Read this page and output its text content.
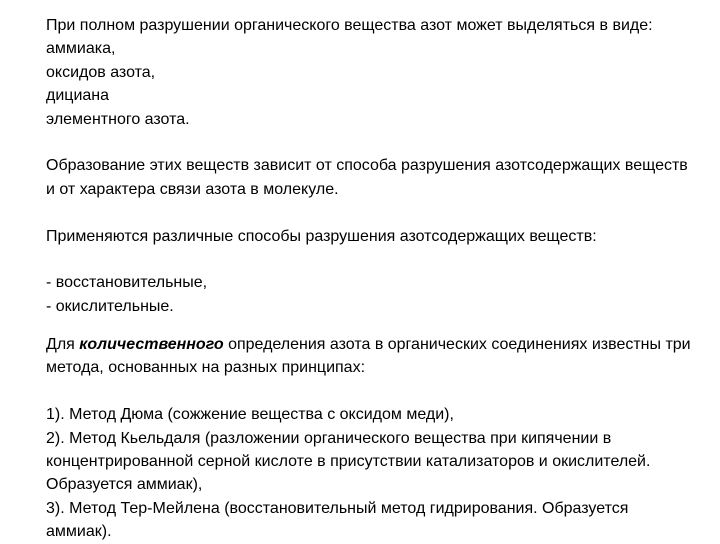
При полном разрушении органического вещества азот может выделяться в виде:

аммиака,

оксидов азота,

дициана

элементного азота.

Образование этих веществ зависит от способа разрушения азотсодержащих веществ и от характера связи азота в молекуле.

Применяются различные способы разрушения азотсодержащих веществ:

- восстановительные,

- окислительные.

Для количественного определения азота в органических соединениях известны три метода, основанных на разных принципах:

1). Метод Дюма (сожжение вещества с оксидом меди),

2). Метод Кьельдаля (разложении органического вещества при кипячении в концентрированной серной кислоте в присутствии катализаторов и окислителей. Образуется аммиак),

3). Метод Тер-Мейлена (восстановительный метод гидрирования. Образуется аммиак).
